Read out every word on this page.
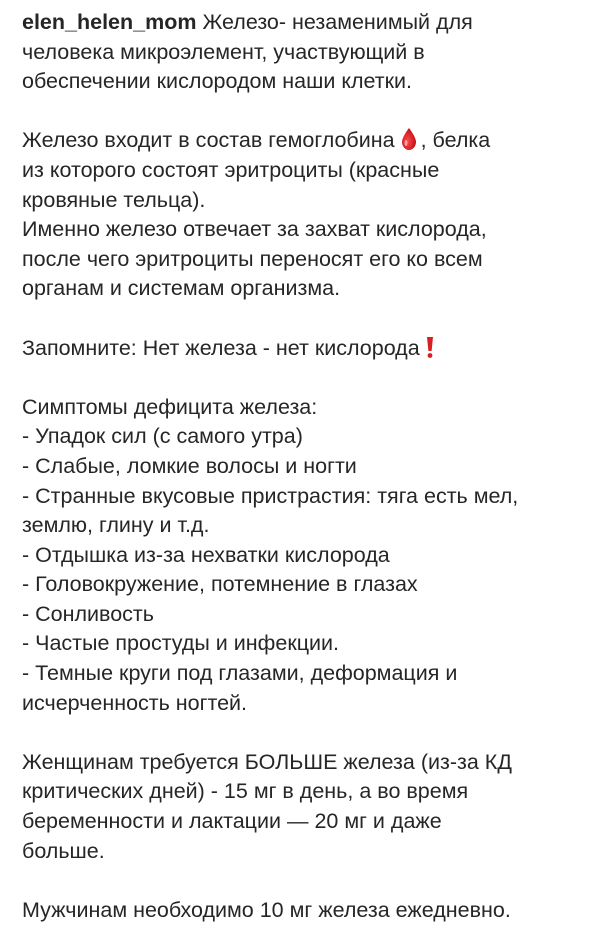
elen_helen_mom Железо- незаменимый для
человека микроэлемент, участвующий в
обеспечении кислородом наши клетки.
Железо входит в состав гемоглобина , белка
из которого состоят эритроциты (красные
кровяные тельца).
Именно железо отвечает за захват кислорода,
после чего эритроциты переносят его ко всем
органам и системам организма.
Запомните: Нет железа - нет кислорода
Симптомы дефицита железа:
- Упадок сил (с самого утра)
- Слабые, ломкие волосы и ногти
- Странные вкусовые пристрастия: тяга есть мел,
землю, глину и т.д.
- Отдышка из-за нехватки кислорода
- Головокружение, потемнение в глазах
- Сонливость
- Частые простуды и инфекции.
- Темные круги под глазами, деформация и
исчерченность ногтей.
Женщинам требуется БОЛЬШЕ железа (из-за КД
критических дней) - 15 мг в день, а во время
беременности и лактации — 20 мг и даже
больше.
Мужчинам необходимо 10 мг железа ежедневно.
